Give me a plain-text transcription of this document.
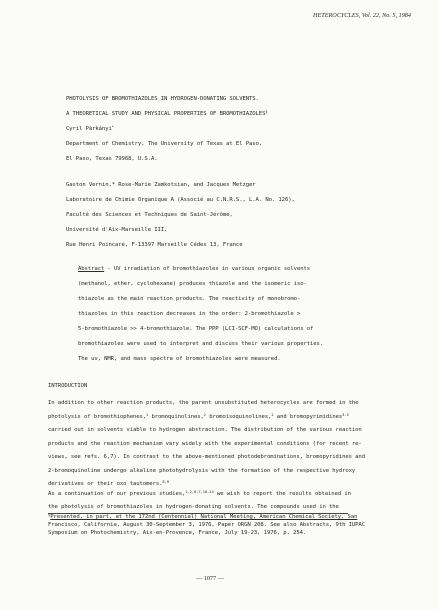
HETEROCYCLES, Vol. 22, No. 5, 1984
PHOTOLYSIS OF BROMOTHIAZOLES IN HYDROGEN-DONATING SOLVENTS.
A THEORETICAL STUDY AND PHYSICAL PROPERTIES OF BROMOTHIAZOLES§
Cyril Párkányi*
Department of Chemistry, The University of Texas at El Paso,
El Paso, Texas 79968, U.S.A.
Gaston Vernin,* Rose-Marie Zamkotsian, and Jacques Metzger
Laboratoire de Chimie Organique A (Associé au C.N.R.S., L.A. No. 126),
Faculté des Sciences et Techniques de Saint-Jérôme,
Université d'Aix-Marseille III,
Rue Henri Poincaré, F-13397 Marseille Cédex 13, France
Abstract - UV irradiation of bromothiazoles in various organic solvents
(methanol, ether, cyclohexane) produces thiazole and the isomeric iso-
thiazole as the main reaction products. The reactivity of monobromo-
thiazoles in this reaction decreases in the order: 2-bromothiazole >
5-bromothiazole >> 4-bromothiazole. The PPP (LCI-SCF-MO) calculations of
bromothiazoles were used to interpret and discuss their various properties.
The uv, NMR, and mass spectra of bromothiazoles were measured.
INTRODUCTION
In addition to other reaction products, the parent unsubstituted heterocycles are formed in the
photolysis of bromothiophenes,$^1$ bromoquinolines,$^2$ bromoisoquinolines,$^2$ and bromopyrimidines$^{3-5}$
carried out in solvents viable to hydrogen abstraction. The distribution of the various reaction
products and the reaction mechanism vary widely with the experimental conditions (for recent re-
views, see refs. 6,7). In contrast to the above-mentioned photodebrominations, bromopyridines and
2-bromoquinoline undergo alkaline photohydrolysis with the formation of the respective hydroxy
derivatives or their oxo tautomers.$^{8,9}$
As a continuation of our previous studies,$^{1,2,6,7,10-14}$ we wish to report the results obtained in
the photolysis of bromothiazoles in hydrogen-donating solvents. The compounds used in the
§Presented, in part, at the 172nd (Centennial) National Meeting, American Chemical Society, San
Francisco, California, August 30-September 3, 1976, Paper ORGN 208. See also Abstracts, 9th IUPAC
Symposium on Photochemistry, Aix-en-Provence, France, July 19-23, 1976, p. 254.
— 1077 —
